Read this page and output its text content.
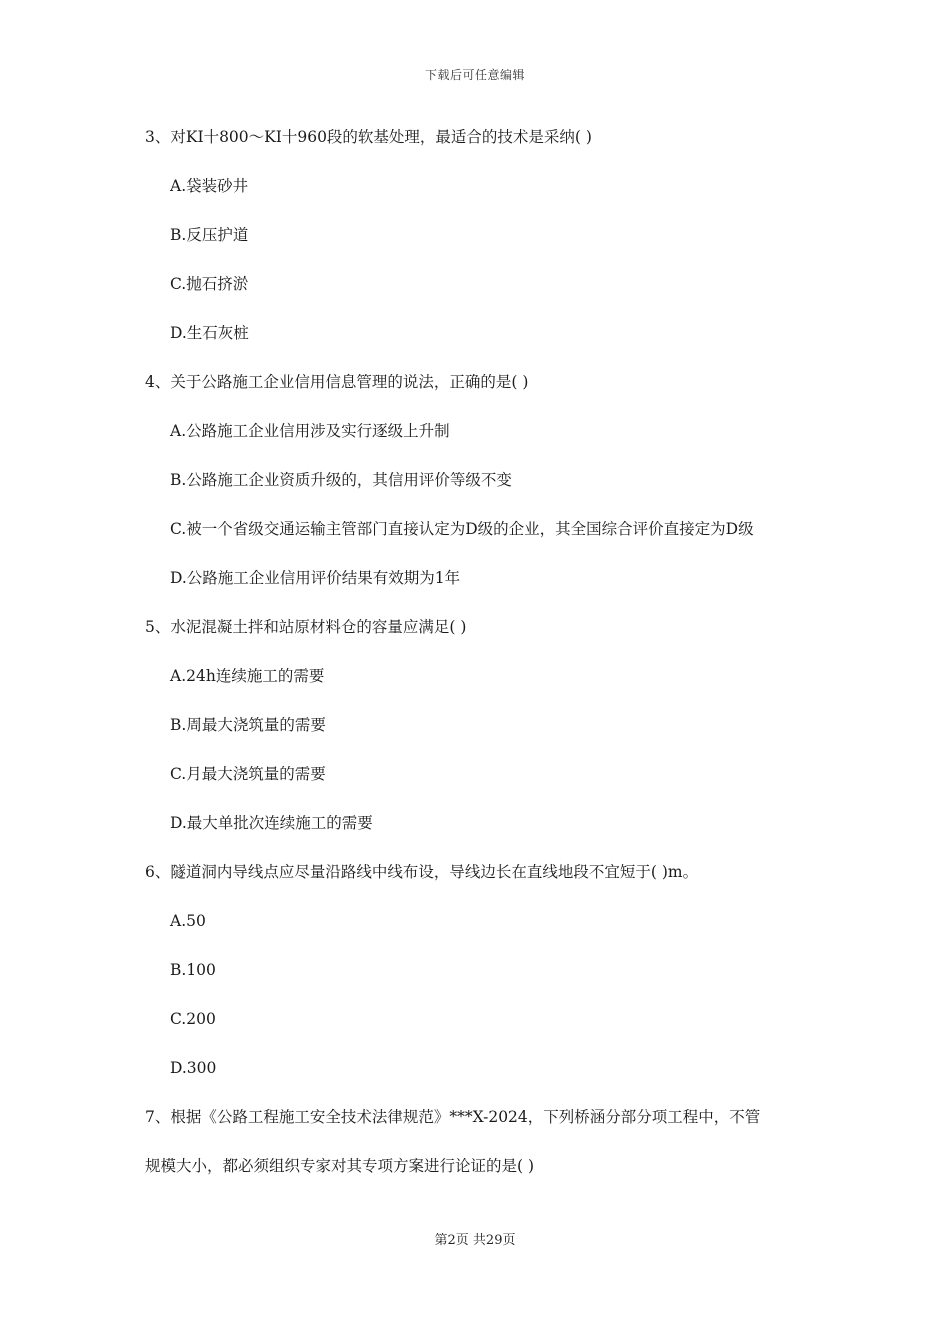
下载后可任意编辑
3、对KI十800～KI十960段的软基处理，最适合的技术是采纳( )
A.袋装砂井
B.反压护道
C.抛石挤淤
D.生石灰桩
4、关于公路施工企业信用信息管理的说法，正确的是( )
A.公路施工企业信用涉及实行逐级上升制
B.公路施工企业资质升级的，其信用评价等级不变
C.被一个省级交通运输主管部门直接认定为D级的企业，其全国综合评价直接定为D级
D.公路施工企业信用评价结果有效期为1年
5、水泥混凝土拌和站原材料仓的容量应满足( )
A.24h连续施工的需要
B.周最大浇筑量的需要
C.月最大浇筑量的需要
D.最大单批次连续施工的需要
6、隧道洞内导线点应尽量沿路线中线布设，导线边长在直线地段不宜短于( )m。
A.50
B.100
C.200
D.300
7、根据《公路工程施工安全技术法律规范》***X-2024，下列桥涵分部分项工程中，不管
规模大小，都必须组织专家对其专项方案进行论证的是( )
第2页 共29页
